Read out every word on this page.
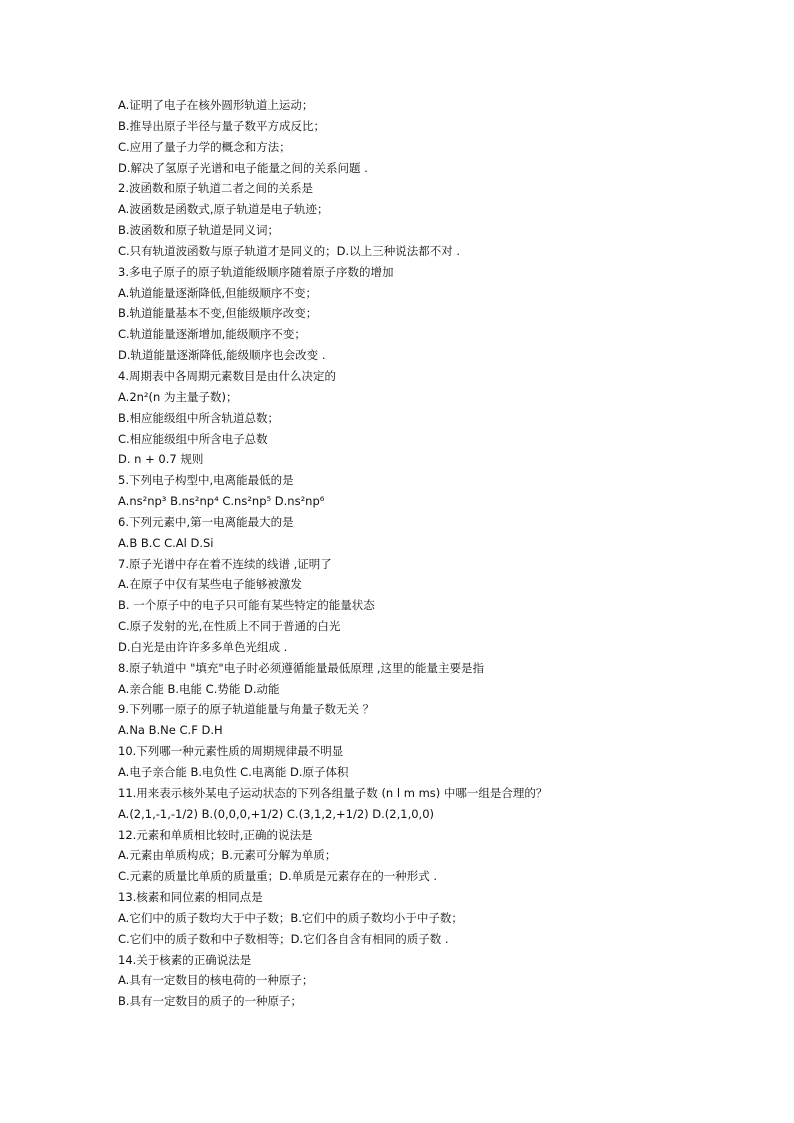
A.证明了电子在核外圆形轨道上运动；
B.推导出原子半径与量子数平方成反比；
C.应用了量子力学的概念和方法；
D.解决了氢原子光谱和电子能量之间的关系问题 .
2.波函数和原子轨道二者之间的关系是
A.波函数是函数式,原子轨道是电子轨迹；
B.波函数和原子轨道是同义词；
C.只有轨道波函数与原子轨道才是同义的；D.以上三种说法都不对 .
3.多电子原子的原子轨道能级顺序随着原子序数的增加
A.轨道能量逐渐降低,但能级顺序不变；
B.轨道能量基本不变,但能级顺序改变；
C.轨道能量逐渐增加,能级顺序不变；
D.轨道能量逐渐降低,能级顺序也会改变 .
4.周期表中各周期元素数目是由什么决定的
A.2n²(n 为主量子数)；
B.相应能级组中所含轨道总数；
C.相应能级组中所含电子总数
D. n + 0.7 规则
5.下列电子构型中,电离能最低的是
A.ns²np³ B.ns²np⁴ C.ns²np⁵ D.ns²np⁶
6.下列元素中,第一电离能最大的是
A.B B.C C.Al D.Si
7.原子光谱中存在着不连续的线谱 ,证明了
A.在原子中仅有某些电子能够被激发
B. 一个原子中的电子只可能有某些特定的能量状态
C.原子发射的光,在性质上不同于普通的白光
D.白光是由许许多多单色光组成 .
8.原子轨道中 "填充"电子时必须遵循能量最低原理 ,这里的能量主要是指
A.亲合能 B.电能 C.势能 D.动能
9.下列哪一原子的原子轨道能量与角量子数无关 ？
A.Na B.Ne C.F D.H
10.下列哪一种元素性质的周期规律最不明显
A.电子亲合能 B.电负性 C.电离能 D.原子体积
11.用来表示核外某电子运动状态的下列各组量子数 (n l m ms) 中哪一组是合理的？
A.(2,1,-1,-1/2) B.(0,0,0,+1/2) C.(3,1,2,+1/2) D.(2,1,0,0)
12.元素和单质相比较时,正确的说法是
A.元素由单质构成；B.元素可分解为单质；
C.元素的质量比单质的质量重；D.单质是元素存在的一种形式 .
13.核素和同位素的相同点是
A.它们中的质子数均大于中子数；B.它们中的质子数均小于中子数；
C.它们中的质子数和中子数相等；D.它们各自含有相同的质子数 .
14.关于核素的正确说法是
A.具有一定数目的核电荷的一种原子；
B.具有一定数目的质子的一种原子；
